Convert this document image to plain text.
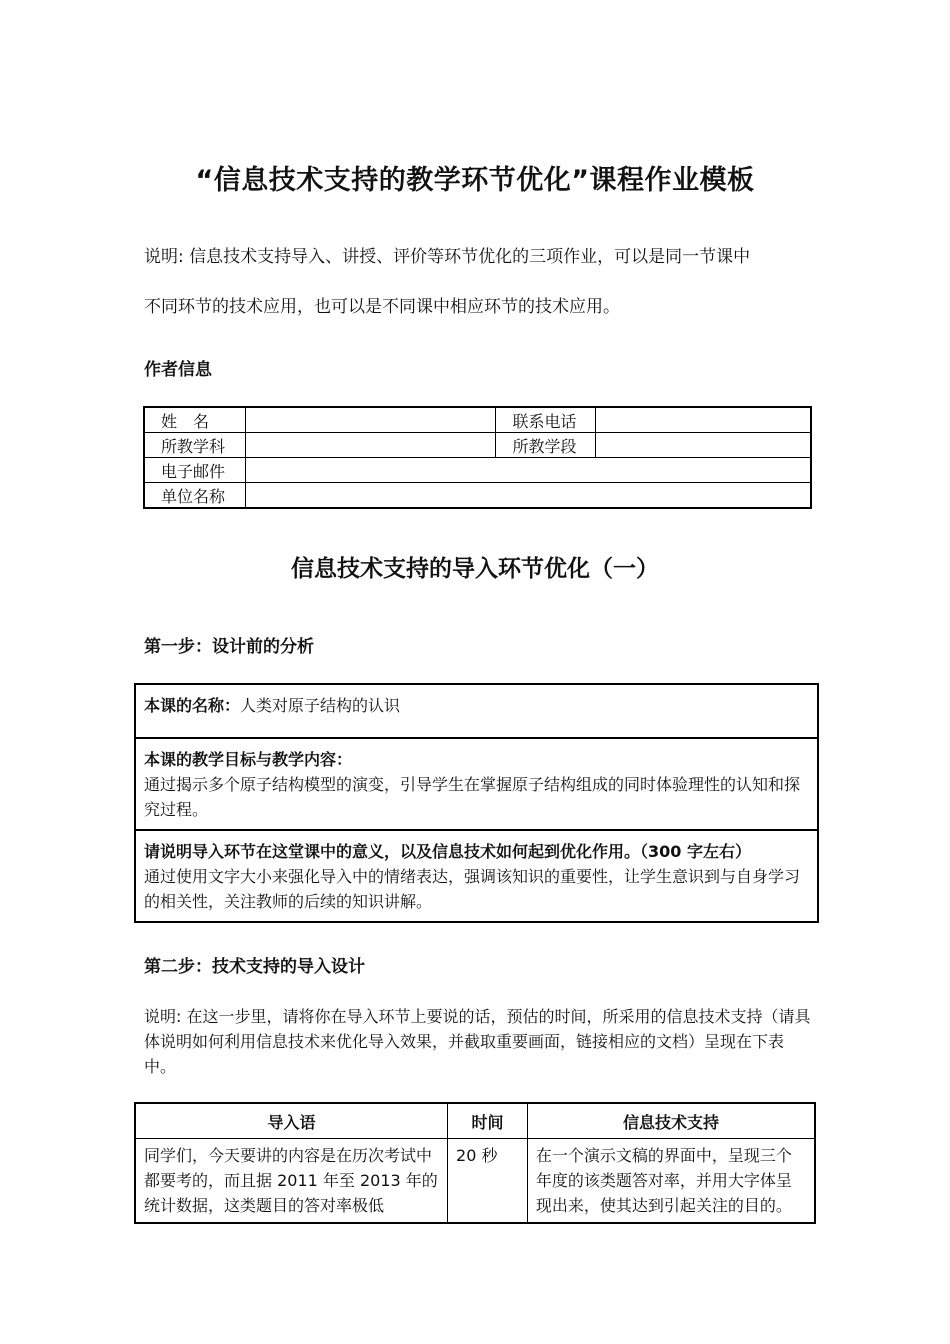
“信息技术支持的教学环节优化”课程作业模板
说明: 信息技术支持导入、讲授、评价等环节优化的三项作业，可以是同一节课中
不同环节的技术应用，也可以是不同课中相应环节的技术应用。
作者信息
姓　名		联系电话	
所教学科		所教学段	
电子邮件			
单位名称			
信息技术支持的导入环节优化（一）
第一步：设计前的分析
本课的名称：人类对原子结构的认识
本课的教学目标与教学内容：
通过揭示多个原子结构模型的演变，引导学生在掌握原子结构组成的同时体验理性的认知和探究过程。
请说明导入环节在这堂课中的意义，以及信息技术如何起到优化作用。（300 字左右）
通过使用文字大小来强化导入中的情绪表达，强调该知识的重要性，让学生意识到与自身学习的相关性，关注教师的后续的知识讲解。
第二步：技术支持的导入设计
说明: 在这一步里，请将你在导入环节上要说的话，预估的时间，所采用的信息技术支持（请具体说明如何利用信息技术来优化导入效果，并截取重要画面，链接相应的文档）呈现在下表中。
导入语	时间	信息技术支持
同学们，今天要讲的内容是在历次考试中都要考的，而且据 2011 年至 2013 年的统计数据，这类题目的答对率极低	20 秒	在一个演示文稿的界面中，呈现三个年度的该类题答对率，并用大字体呈现出来，使其达到引起关注的目的。
